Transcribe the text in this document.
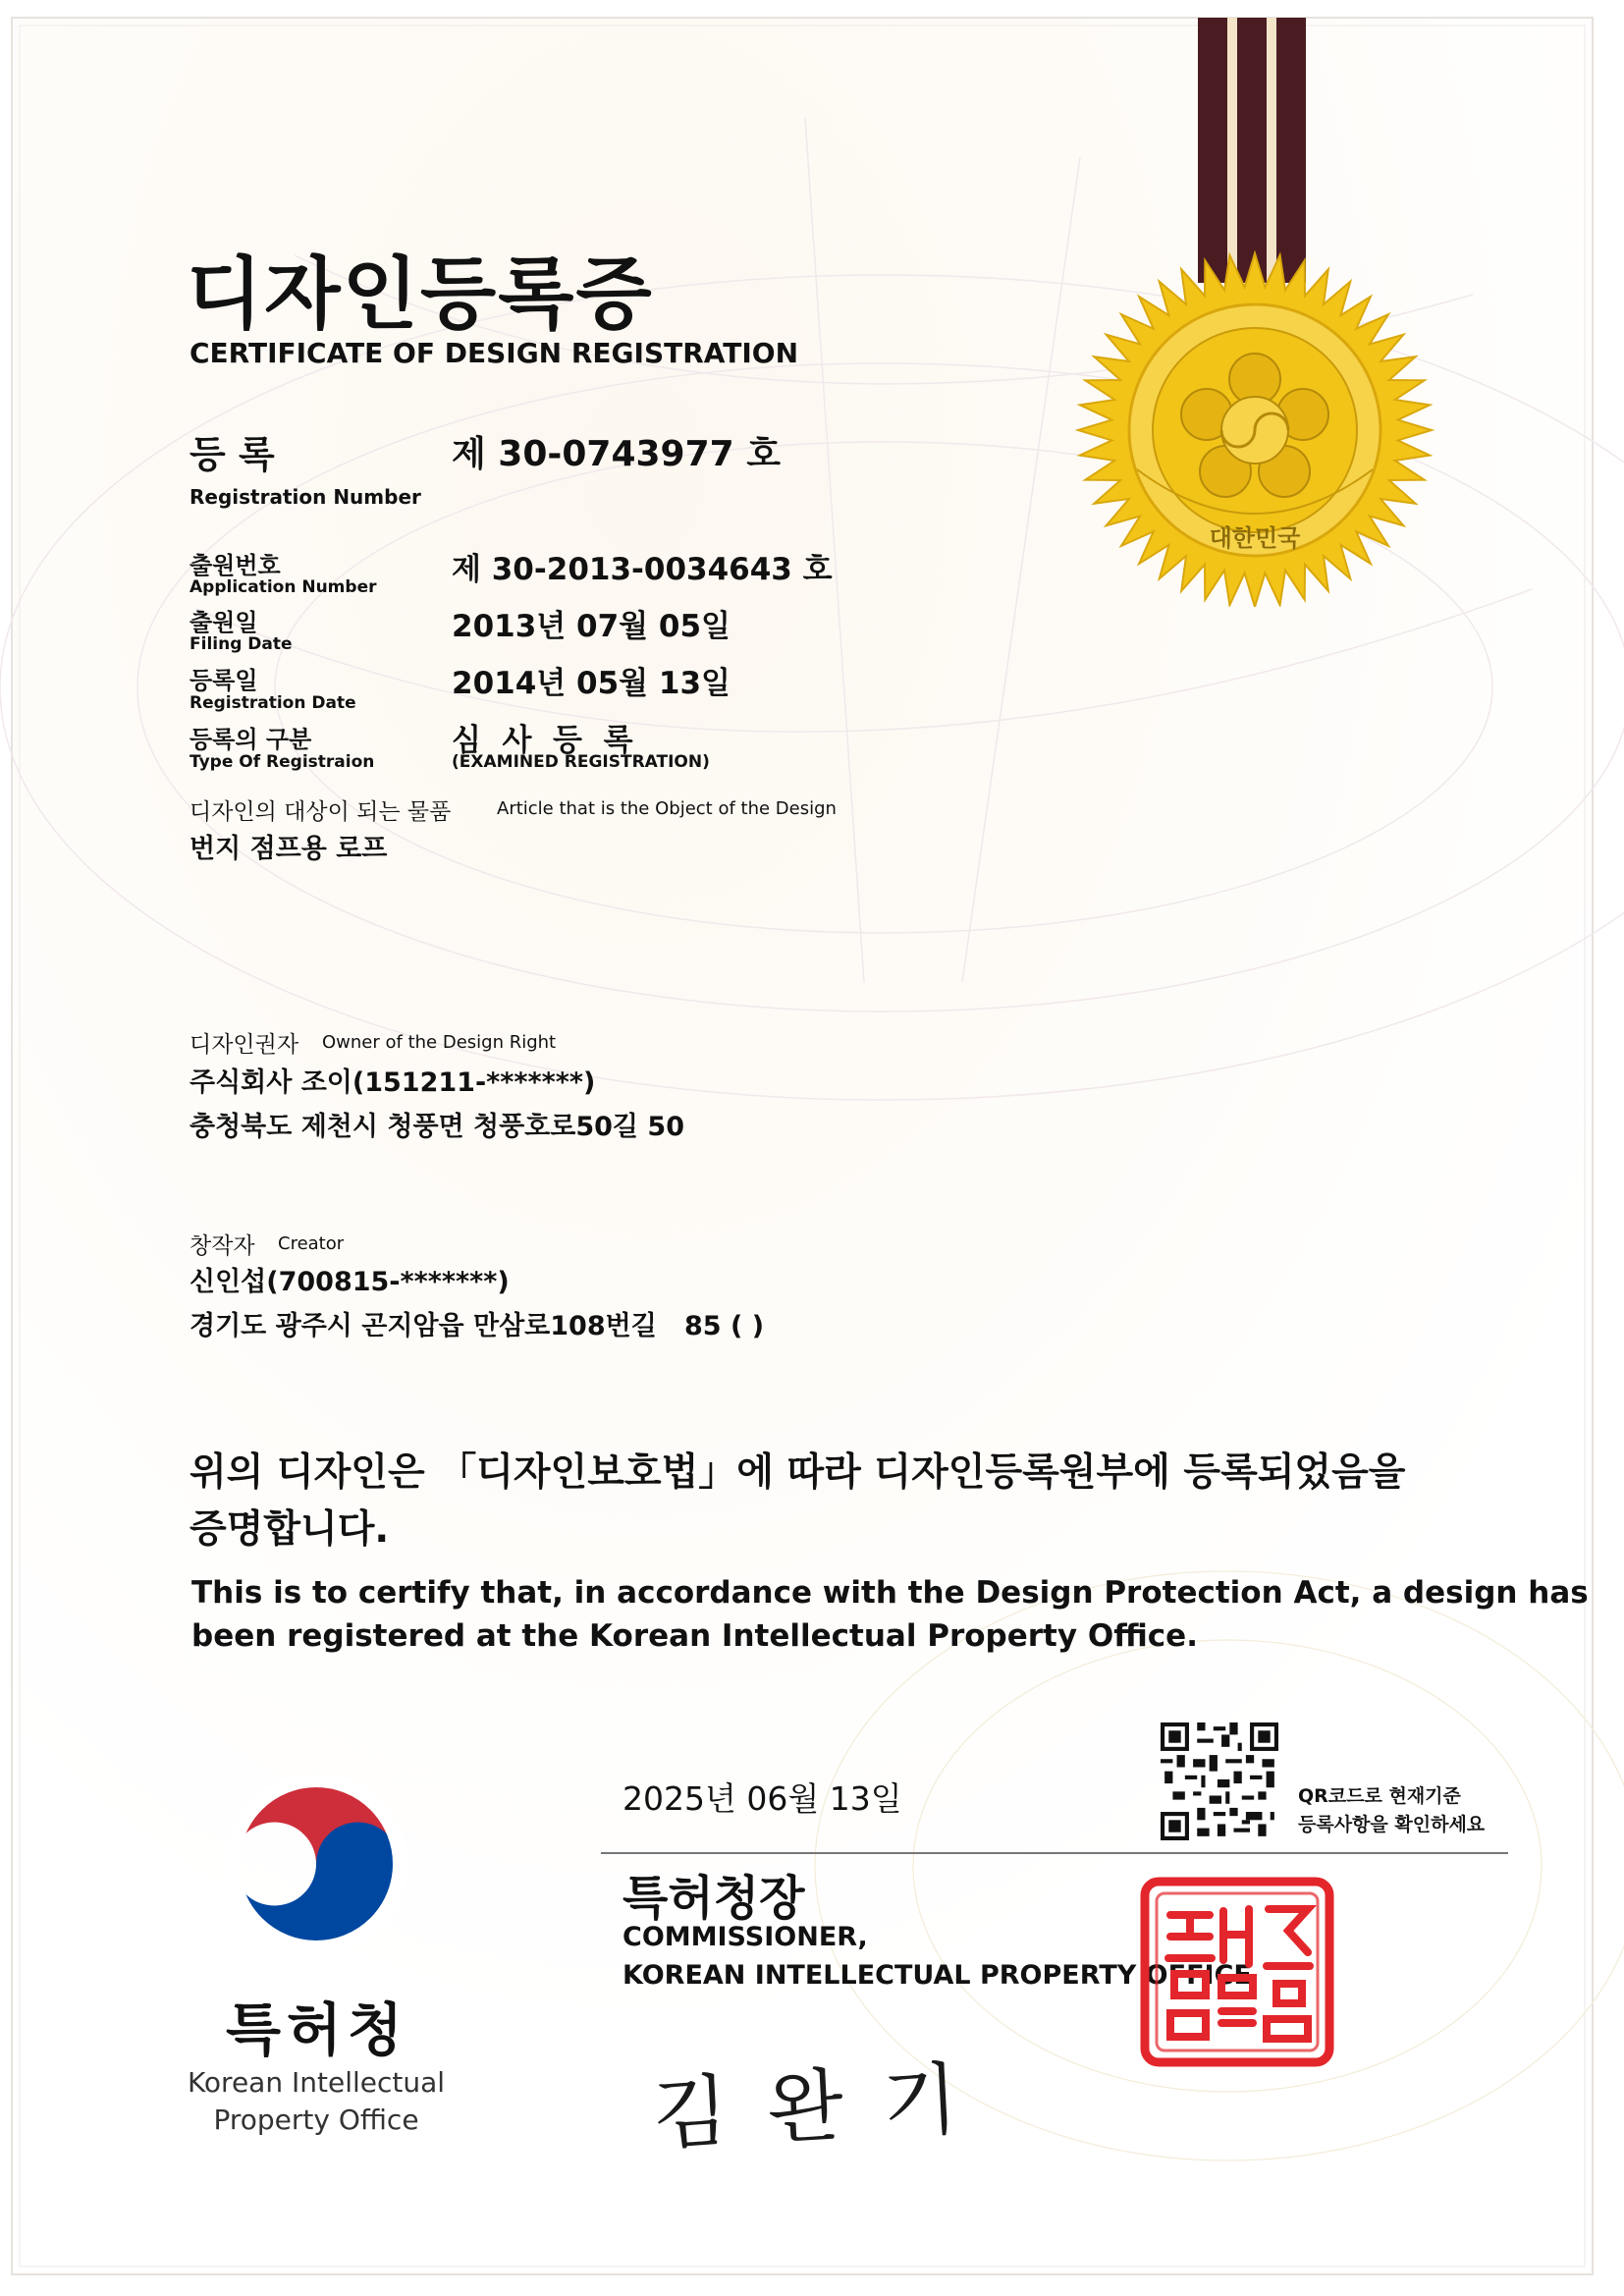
대한민국
디자인등록증
CERTIFICATE OF DESIGN REGISTRATION
등 록
Registration Number
제 30-0743977 호
출원번호
Application Number 제 30-2013-0034643 호
출원일
Filing Date	2013년 07월 05일
등록일
Registration Date
2014년 05월 13일
등록의 구분
Type Of Registraion
심  사  등  록
(EXAMINED REGISTRATION)
디자인의 대상이 되는 물품	Article that is the Object of the Design
번지 점프용 로프
디자인권자 Owner of the Design Right
주식회사 조이(151211-*******)
충청북도 제천시 청풍면 청풍호로50길 50
창작자 Creator
신인섭(700815-*******)
경기도 광주시 곤지암읍 만삼로108번길   85 ( )
위의 디자인은 「디자인보호법」에 따라 디자인등록원부에 등록되었음을
증명합니다.
This is to certify that, in accordance with the Design Protection Act, a design has
been registered at the Korean Intellectual Property Office.
QR코드로 현재기준
등록사항을 확인하세요
2025년 06월 13일
특허청장
COMMISSIONER,
KOREAN INTELLECTUAL PROPERTY OFFICE
김완기
특허청
Korean Intellectual
Property Office
